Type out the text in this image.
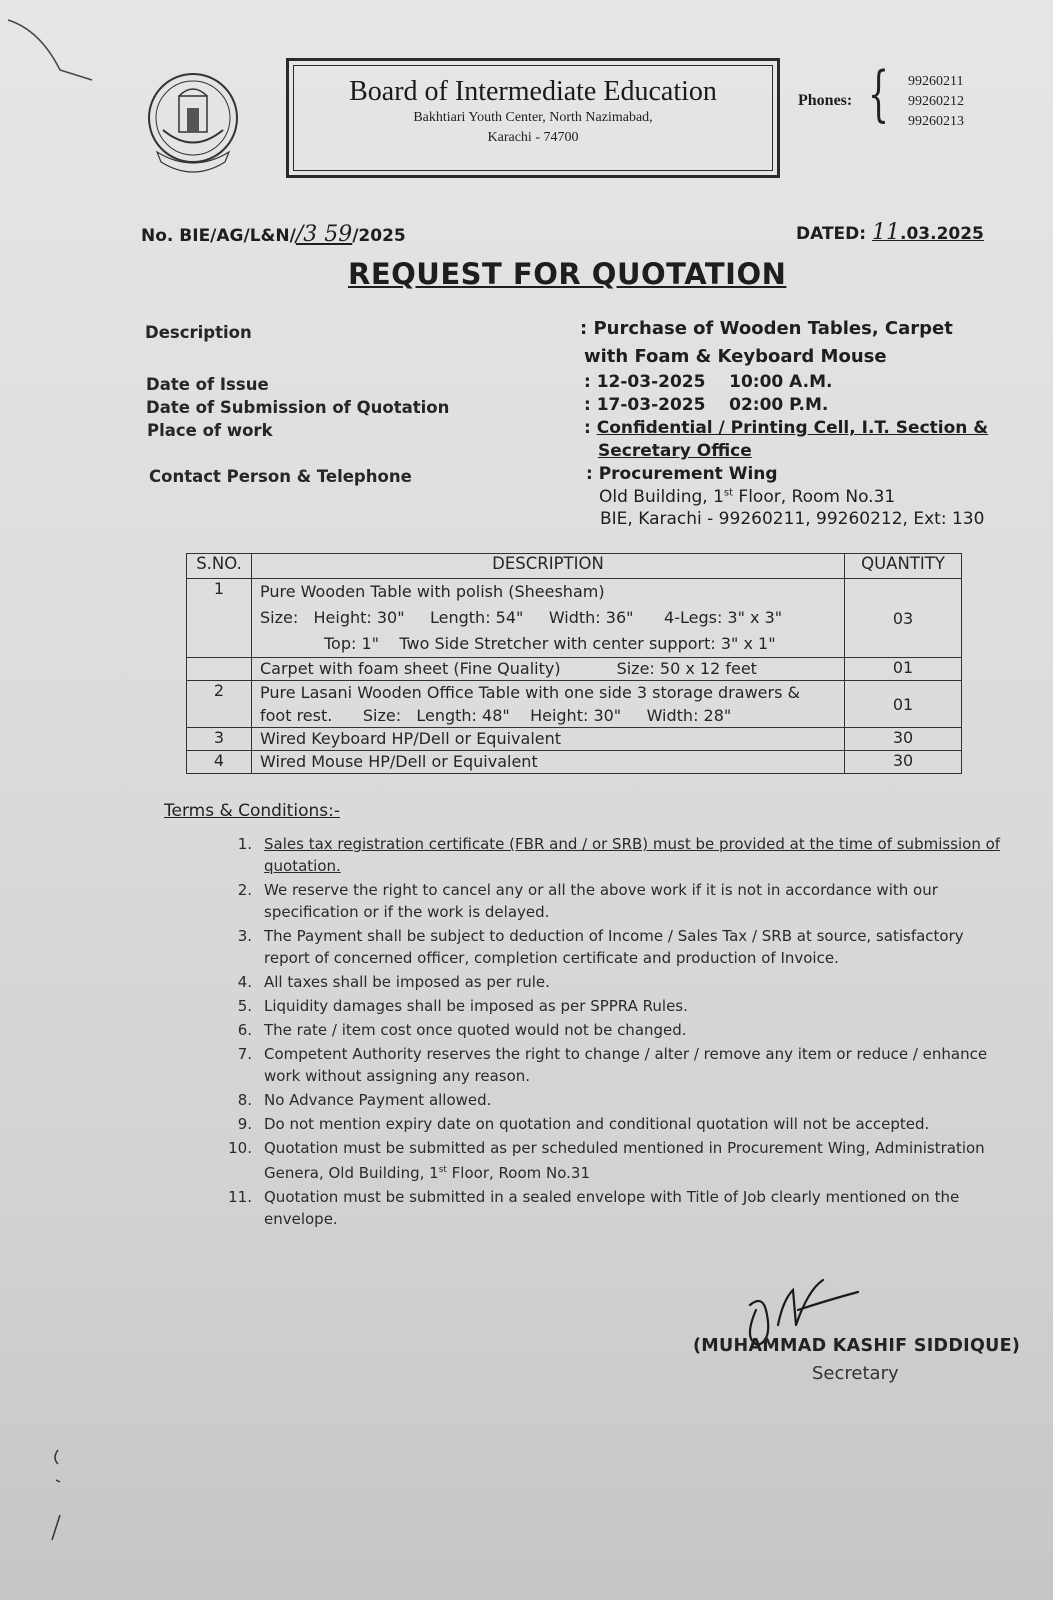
Board of Intermediate Education
Bakhtiari Youth Center, North Nazimabad,
Karachi - 74700
Phones: { 99260211
99260212
99260213
No. BIE/AG/L&N//3 59/2025	DATED: 11.03.2025
REQUEST FOR QUOTATION
Description	: Purchase of Wooden Tables, Carpet
with Foam & Keyboard Mouse
Date of Issue	: 12-03-2025    10:00 A.M.
Date of Submission of Quotation	: 17-03-2025    02:00 P.M.
Place of work	: Confidential / Printing Cell, I.T. Section &
Secretary Office
Contact Person & Telephone	: Procurement Wing
Old Building, 1st Floor, Room No.31
BIE, Karachi - 99260211, 99260212, Ext: 130
S.NO.	DESCRIPTION	QUANTITY
1	Pure Wooden Table with polish (Sheesham)
Size:   Height: 30"     Length: 54"     Width: 36"      4-Legs: 3" x 3"
Top: 1"    Two Side Stretcher with center support: 3" x 1"	03

	Carpet with foam sheet (Fine Quality) Size: 50 x 12 feet	01
2	Pure Lasani Wooden Office Table with one side 3 storage drawers &
foot rest.      Size:   Length: 48"    Height: 30"     Width: 28"	01
3	Wired Keyboard HP/Dell or Equivalent	30
4	Wired Mouse HP/Dell or Equivalent	30
Terms & Conditions:-
1. Sales tax registration certificate (FBR and / or SRB) must be provided at the time of submission of quotation.
2. We reserve the right to cancel any or all the above work if it is not in accordance with our specification or if the work is delayed.
3. The Payment shall be subject to deduction of Income / Sales Tax / SRB at source, satisfactory report of concerned officer, completion certificate and production of Invoice.
4. All taxes shall be imposed as per rule.
5. Liquidity damages shall be imposed as per SPPRA Rules.
6. The rate / item cost once quoted would not be changed.
7. Competent Authority reserves the right to change / alter / remove any item or reduce / enhance work without assigning any reason.
8. No Advance Payment allowed.
9. Do not mention expiry date on quotation and conditional quotation will not be accepted.
10. Quotation must be submitted as per scheduled mentioned in Procurement Wing, Administration Genera, Old Building, 1st Floor, Room No.31
11. Quotation must be submitted in a sealed envelope with Title of Job clearly mentioned on the envelope.
(MUHAMMAD KASHIF SIDDIQUE)
Secretary
